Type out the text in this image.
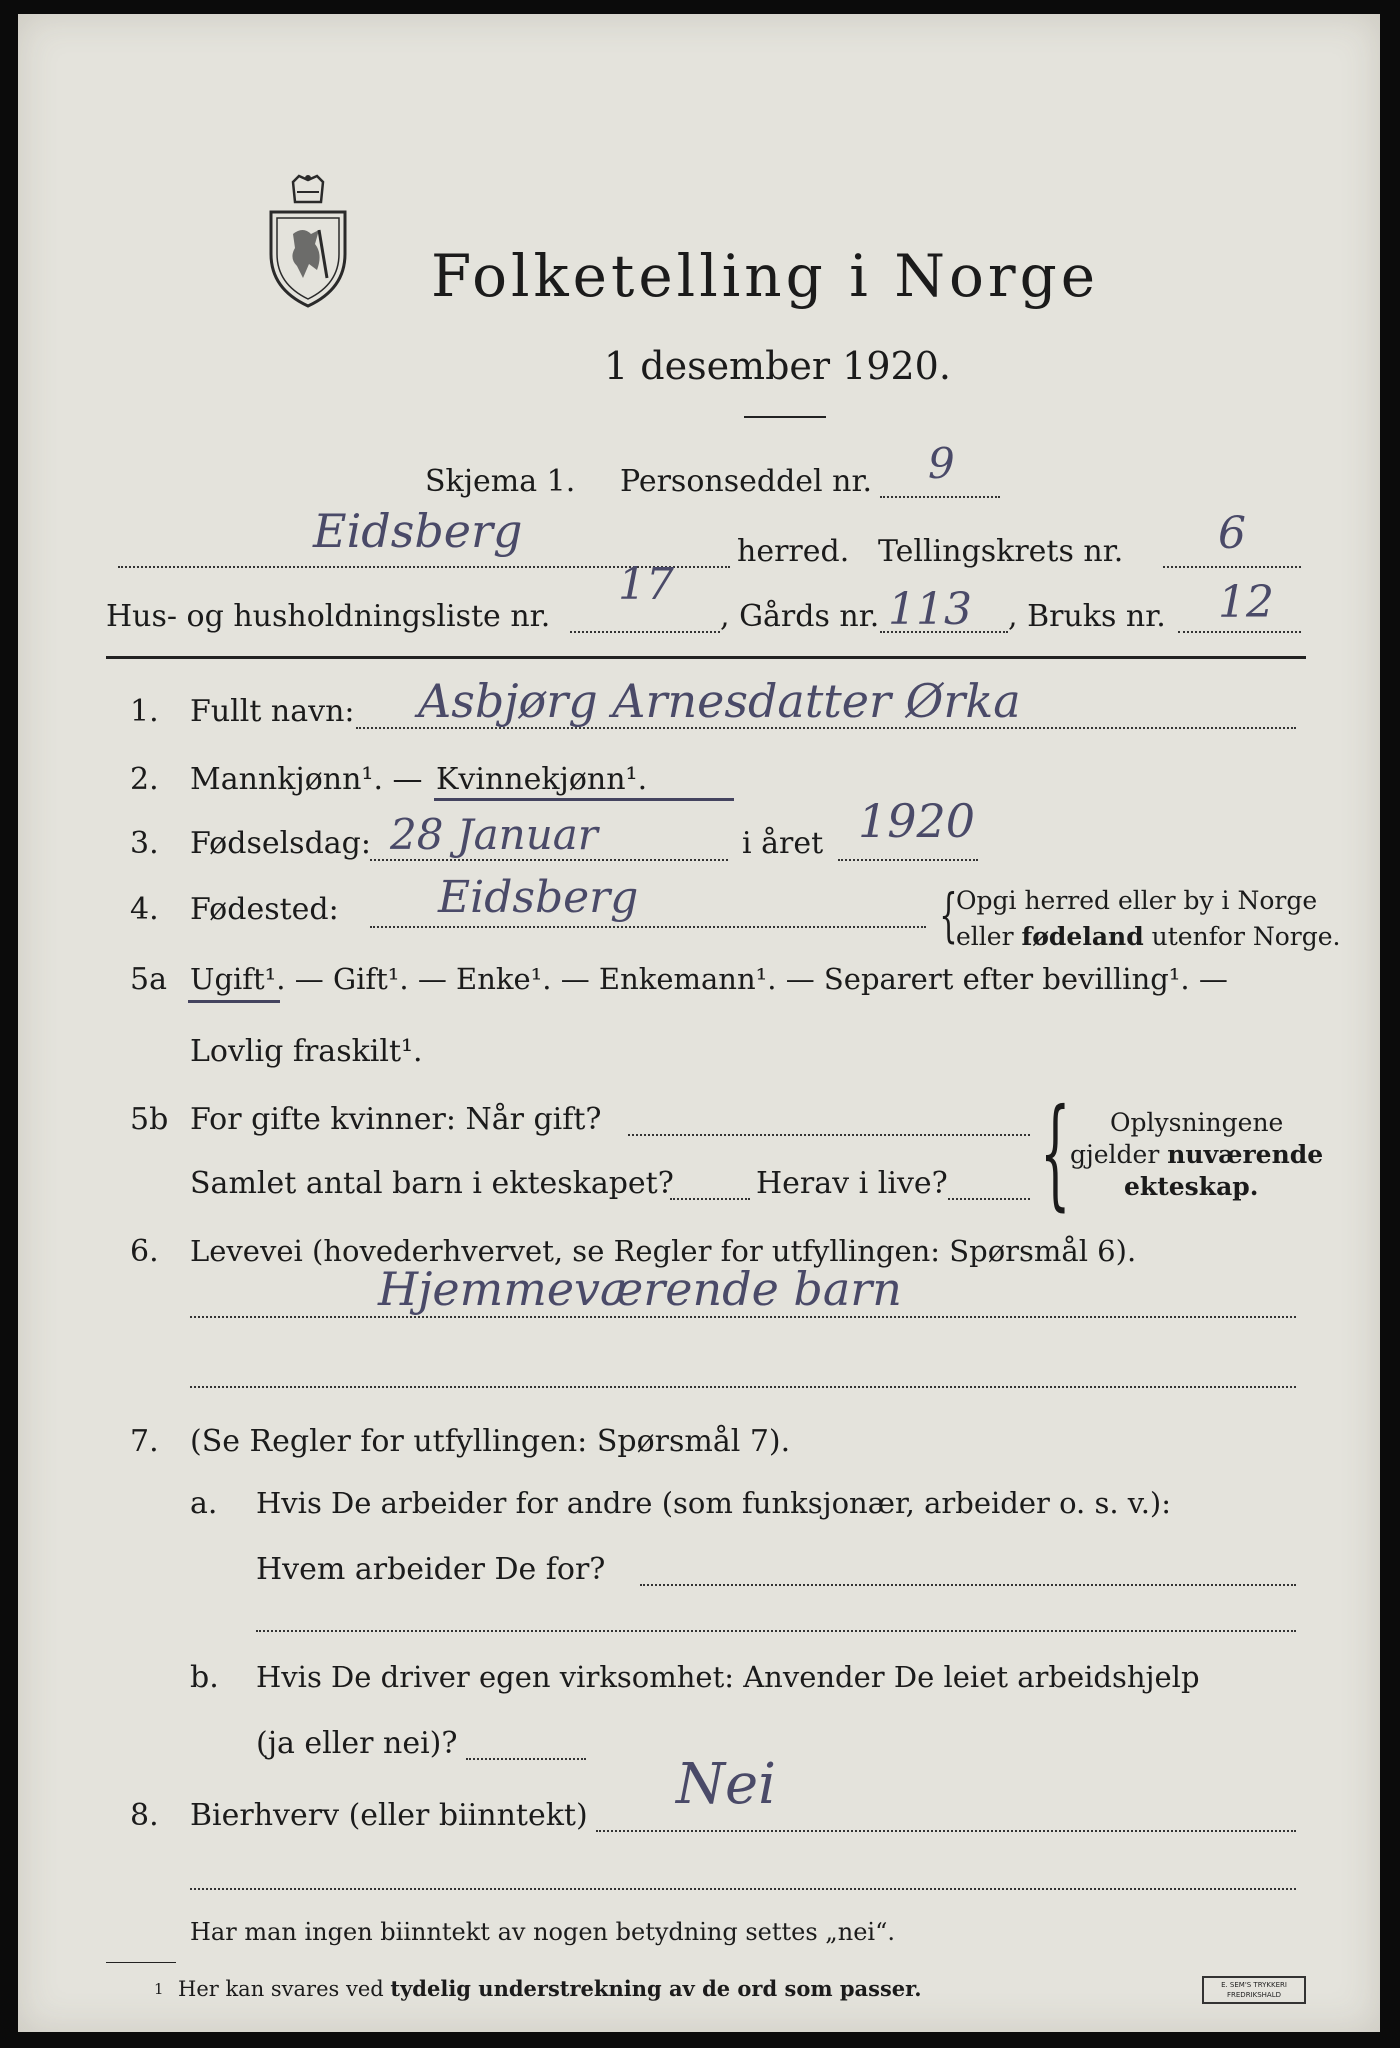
Folketelling i Norge
1 desember 1920.
Skjema 1. Personseddel nr. 9
Eidsberg	herred. Tellingskrets nr. 6
Hus- og husholdningsliste nr.
17
, Gårds nr. 113 , Bruks nr. 12
1. Fullt navn: Asbjørg Arnesdatter Ørka
2. Mannkjønn¹. — Kvinnekjønn¹.
3. Fødselsdag: 28 Januar	i året 1920
4. Fødested: Eidsberg	{
Opgi herred eller by i Norge
eller fødeland utenfor Norge.
5a Ugift¹. — Gift¹. — Enke¹. — Enkemann¹. — Separert efter bevilling¹. —
Lovlig fraskilt¹.
5b For gifte kvinner: Når gift?
Samlet antal barn i ekteskapet?	Herav i live? { Oplysningene
gjelder nuværende
ekteskap.
6. Levevei (hovederhvervet, se Regler for utfyllingen: Spørsmål 6).
Hjemmeværende barn
7. (Se Regler for utfyllingen: Spørsmål 7).
a. Hvis De arbeider for andre (som funksjonær, arbeider o. s. v.):
Hvem arbeider De for?
b. Hvis De driver egen virksomhet: Anvender De leiet arbeidshjelp
(ja eller nei)?
8. Bierhverv (eller biinntekt) Nei
Har man ingen biinntekt av nogen betydning settes „nei“.
1 Her kan svares ved tydelig understrekning av de ord som passer.	E. SEM'S TRYKKERI
FREDRIKSHALD
